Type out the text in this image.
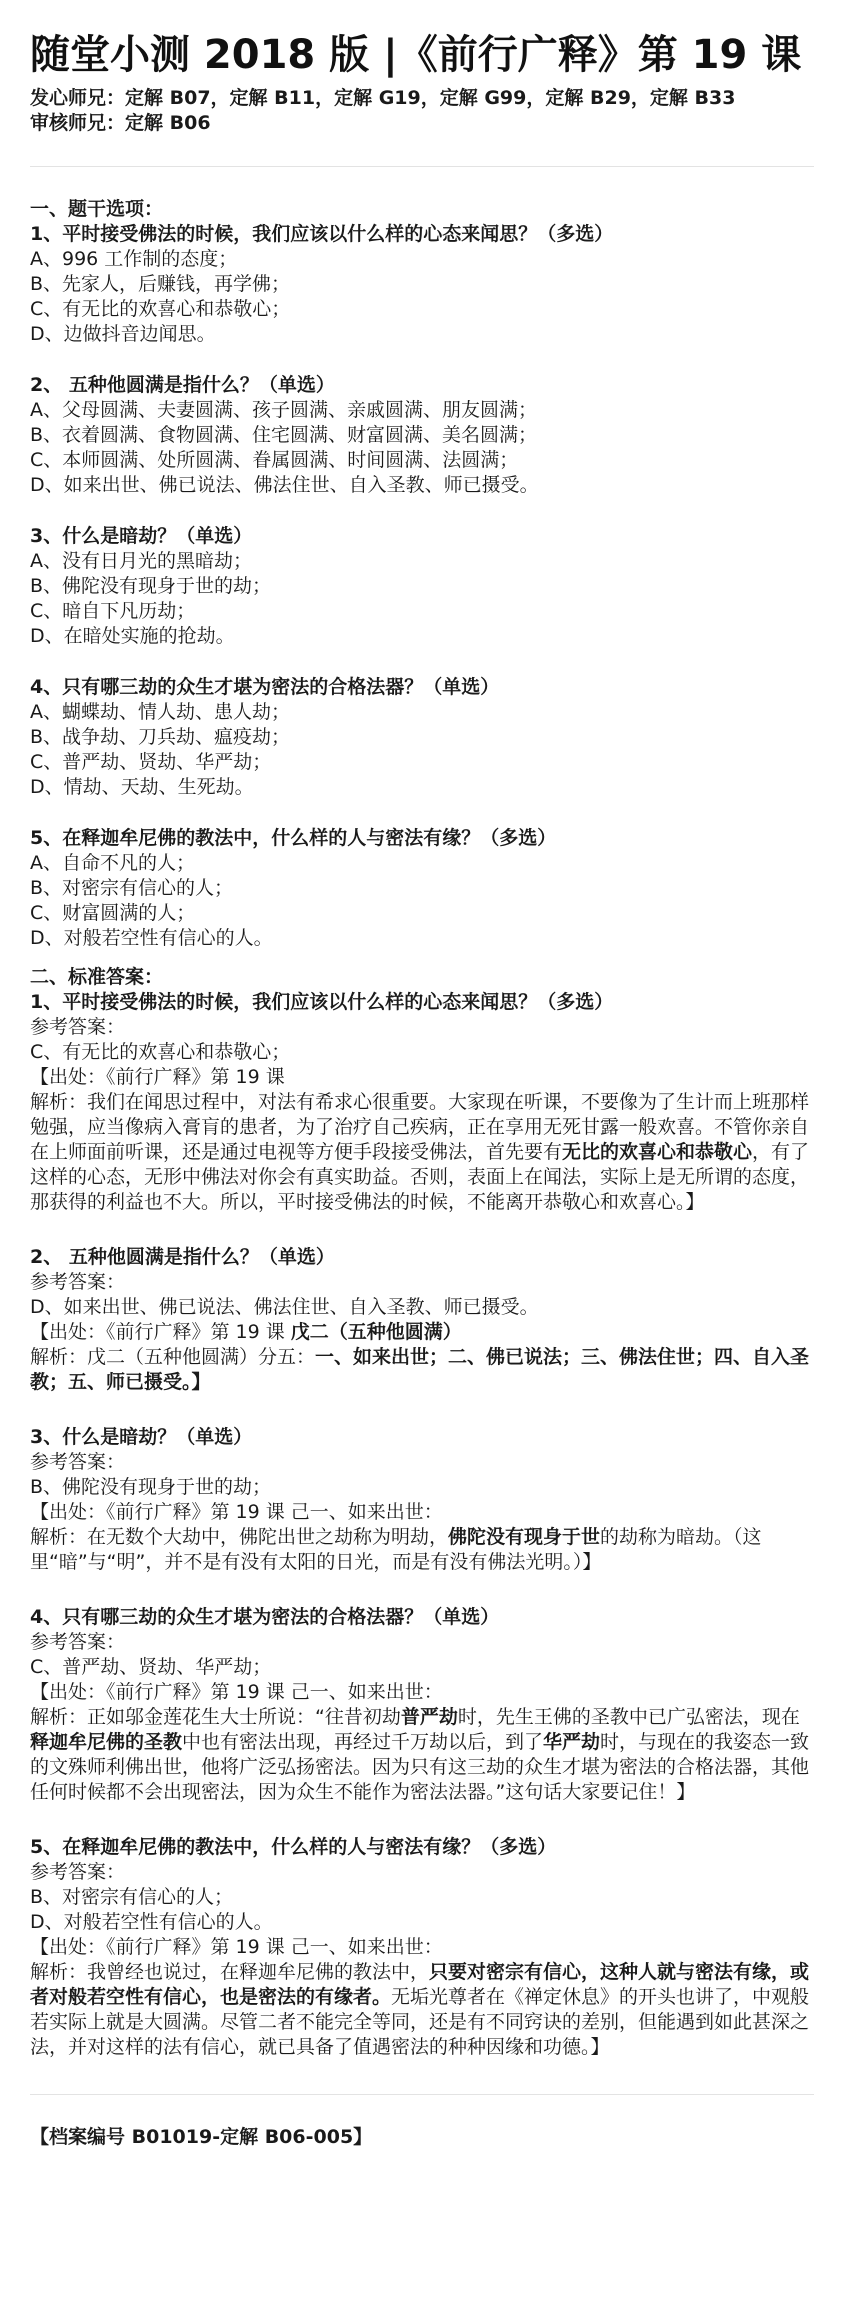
随堂小测 2018 版 |《前行广释》第 19 课
发心师兄：定解 B07，定解 B11，定解 G19，定解 G99，定解 B29，定解 B33
审核师兄：定解 B06
一、题干选项：
1、平时接受佛法的时候，我们应该以什么样的心态来闻思？（多选）
A、996 工作制的态度；
B、先家人，后赚钱，再学佛；
C、有无比的欢喜心和恭敬心；
D、边做抖音边闻思。
2、 五种他圆满是指什么？（单选）
A、父母圆满、夫妻圆满、孩子圆满、亲戚圆满、朋友圆满；
B、衣着圆满、食物圆满、住宅圆满、财富圆满、美名圆满；
C、本师圆满、处所圆满、眷属圆满、时间圆满、法圆满；
D、如来出世、佛已说法、佛法住世、自入圣教、师已摄受。
3、什么是暗劫？（单选）
A、没有日月光的黑暗劫；
B、佛陀没有现身于世的劫；
C、暗自下凡历劫；
D、在暗处实施的抢劫。
4、只有哪三劫的众生才堪为密法的合格法器？（单选）
A、蝴蝶劫、情人劫、患人劫；
B、战争劫、刀兵劫、瘟疫劫；
C、普严劫、贤劫、华严劫；
D、情劫、天劫、生死劫。
5、在释迦牟尼佛的教法中，什么样的人与密法有缘？（多选）
A、自命不凡的人；
B、对密宗有信心的人；
C、财富圆满的人；
D、对般若空性有信心的人。
二、标准答案：
1、平时接受佛法的时候，我们应该以什么样的心态来闻思？（多选）
参考答案：
C、有无比的欢喜心和恭敬心；
【出处：《前行广释》第 19 课
解析：我们在闻思过程中，对法有希求心很重要。大家现在听课，不要像为了生计而上班那样勉强，应当像病入膏肓的患者，为了治疗自己疾病，正在享用无死甘露一般欢喜。不管你亲自在上师面前听课，还是通过电视等方便手段接受佛法，首先要有无比的欢喜心和恭敬心，有了这样的心态，无形中佛法对你会有真实助益。否则，表面上在闻法，实际上是无所谓的态度，那获得的利益也不大。所以，平时接受佛法的时候，不能离开恭敬心和欢喜心。】
2、 五种他圆满是指什么？（单选）
参考答案：
D、如来出世、佛已说法、佛法住世、自入圣教、师已摄受。
【出处：《前行广释》第 19 课 戊二（五种他圆满）
解析：戊二（五种他圆满）分五：一、如来出世；二、佛已说法；三、佛法住世；四、自入圣教；五、师已摄受。】
3、什么是暗劫？（单选）
参考答案：
B、佛陀没有现身于世的劫；
【出处：《前行广释》第 19 课 己一、如来出世：
解析：在无数个大劫中，佛陀出世之劫称为明劫，佛陀没有现身于世的劫称为暗劫。（这里“暗”与“明”，并不是有没有太阳的日光，而是有没有佛法光明。）】
4、只有哪三劫的众生才堪为密法的合格法器？（单选）
参考答案：
C、普严劫、贤劫、华严劫；
【出处：《前行广释》第 19 课 己一、如来出世：
解析：正如邬金莲花生大士所说：“往昔初劫普严劫时，先生王佛的圣教中已广弘密法，现在释迦牟尼佛的圣教中也有密法出现，再经过千万劫以后，到了华严劫时，与现在的我姿态一致的文殊师利佛出世，他将广泛弘扬密法。因为只有这三劫的众生才堪为密法的合格法器，其他任何时候都不会出现密法，因为众生不能作为密法法器。”这句话大家要记住！】
5、在释迦牟尼佛的教法中，什么样的人与密法有缘？（多选）
参考答案：
B、对密宗有信心的人；
D、对般若空性有信心的人。
【出处：《前行广释》第 19 课 己一、如来出世：
解析：我曾经也说过，在释迦牟尼佛的教法中，只要对密宗有信心，这种人就与密法有缘，或者对般若空性有信心，也是密法的有缘者。无垢光尊者在《禅定休息》的开头也讲了，中观般若实际上就是大圆满。尽管二者不能完全等同，还是有不同窍诀的差别，但能遇到如此甚深之法，并对这样的法有信心，就已具备了值遇密法的种种因缘和功德。】
【档案编号 B01019-定解 B06-005】
